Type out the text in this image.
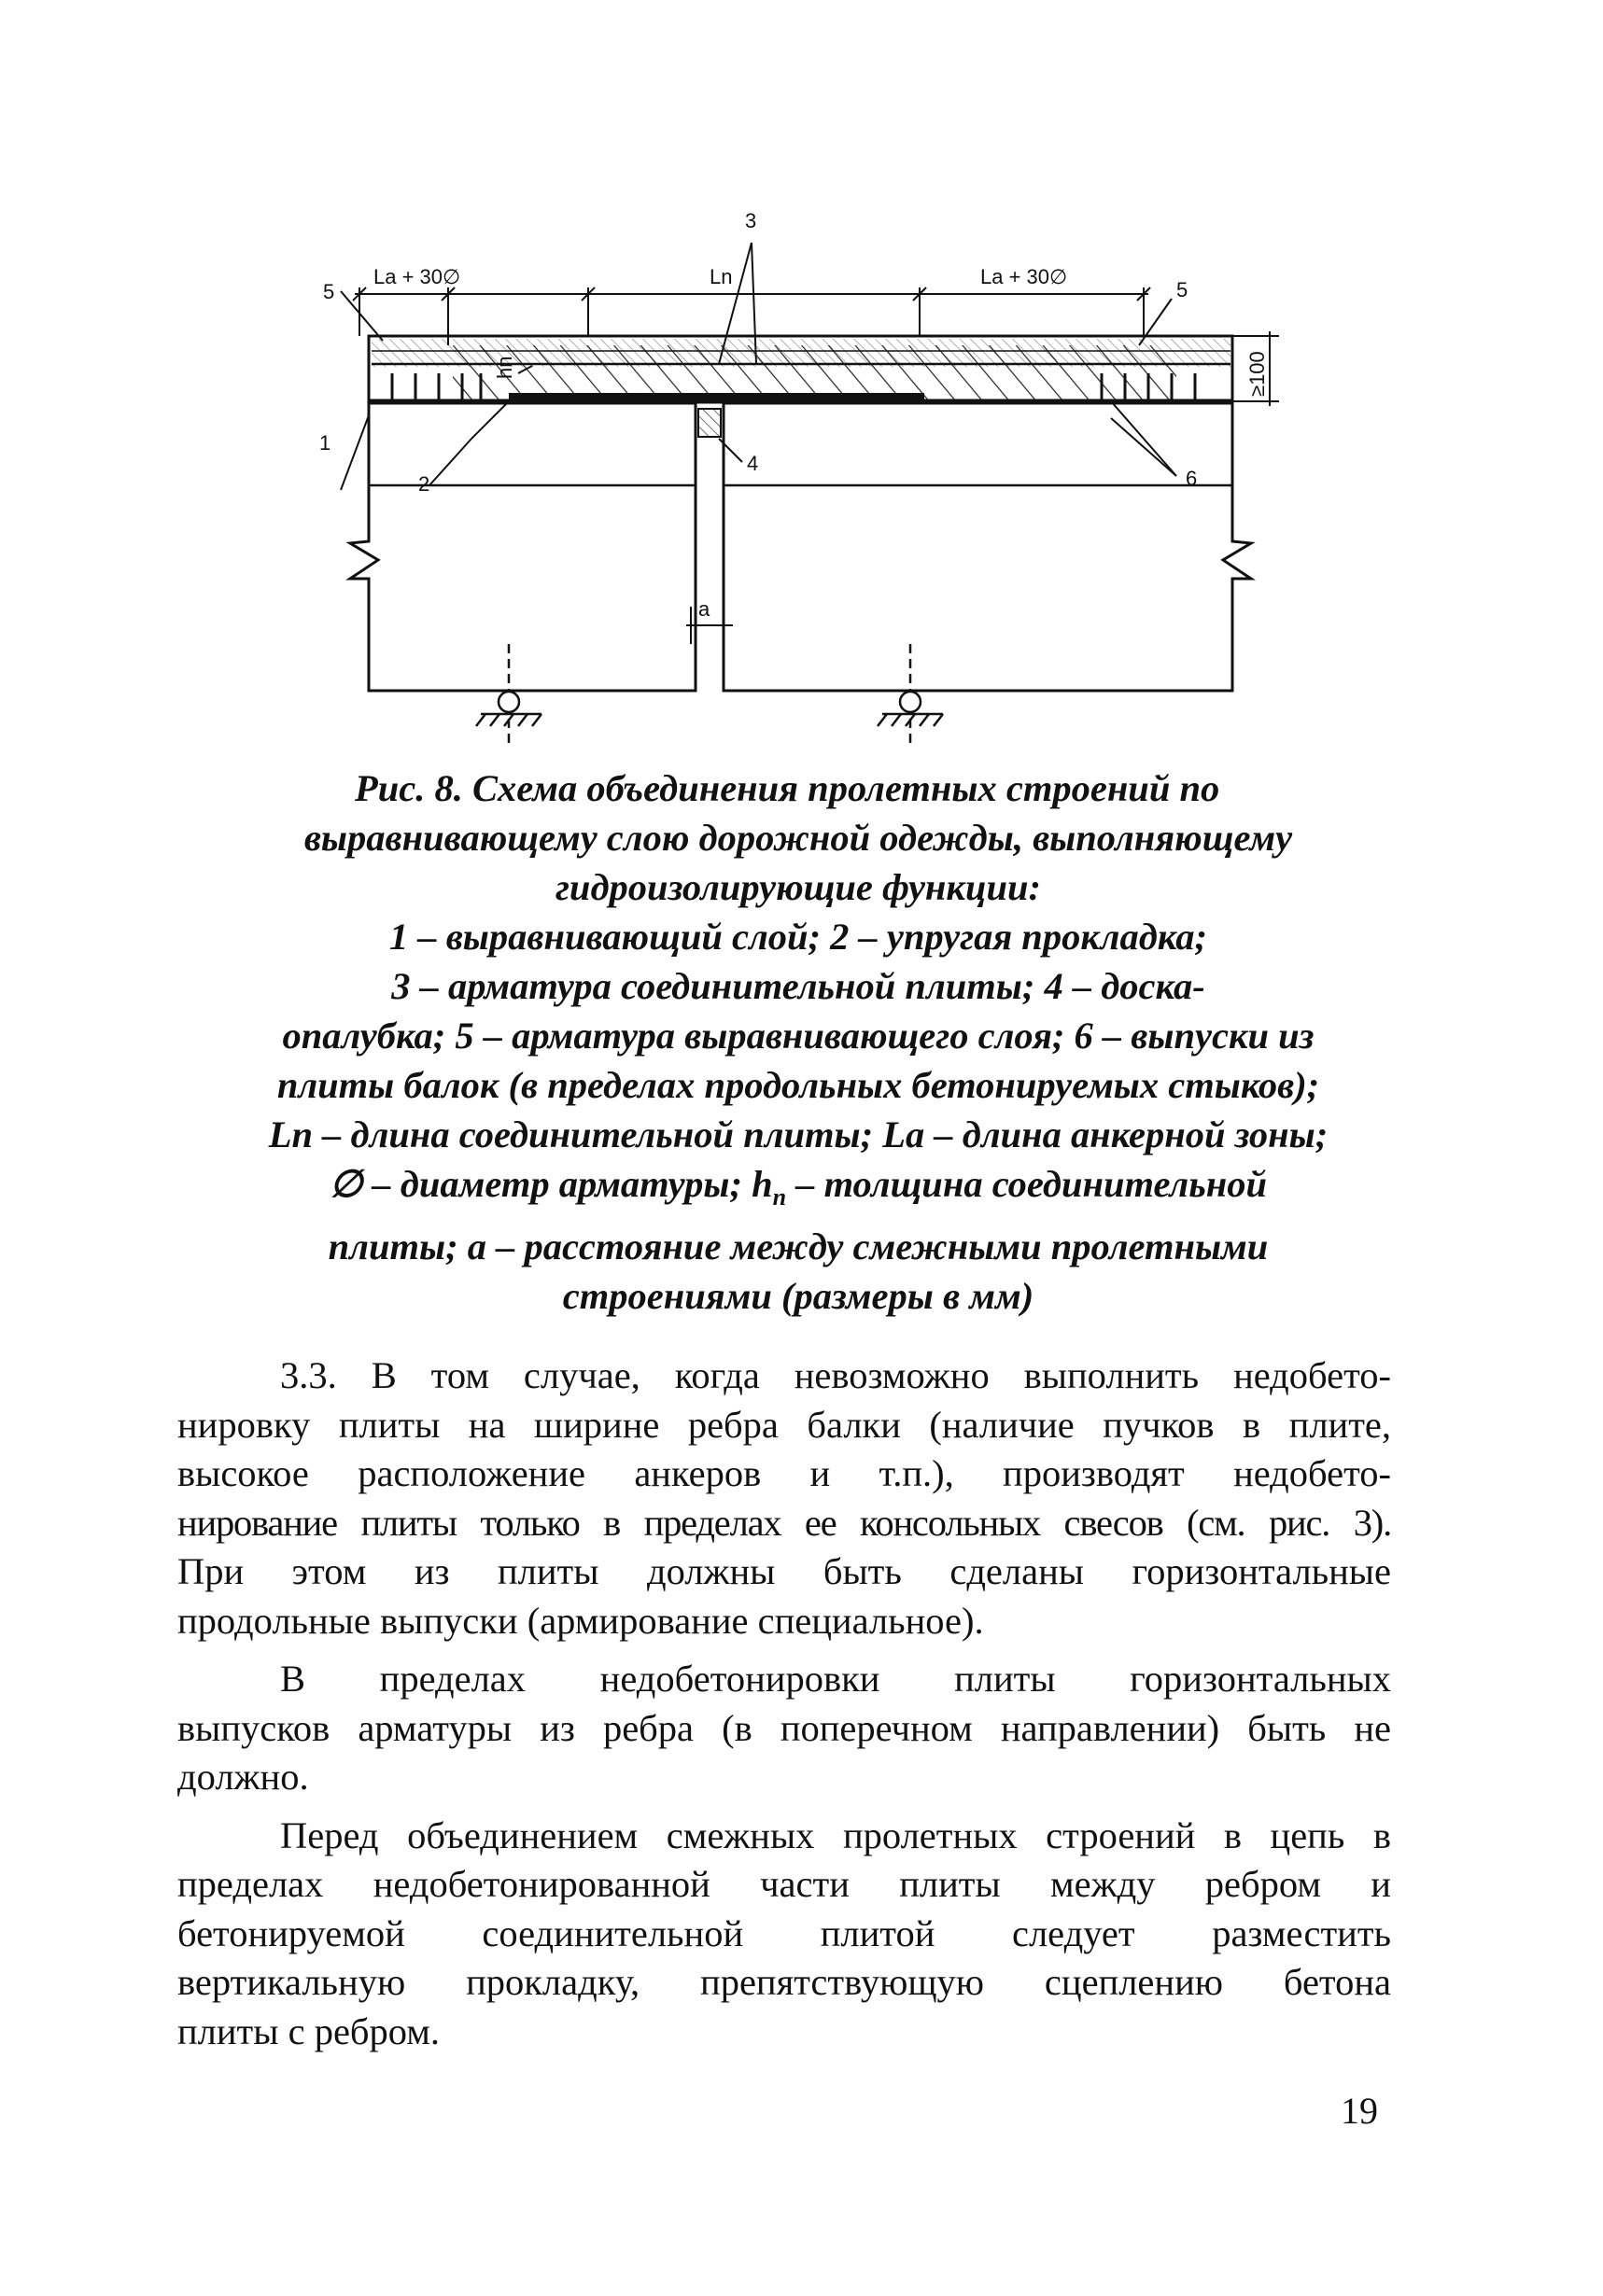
3
5	5
1
2
4
6
La + 30∅	Ln	La + 30∅
≥100
hn
a
Рис. 8. Схема объединения пролетных строений по
выравнивающему слою дорожной одежды, выполняющему
гидроизолирующие функции:
1 – выравнивающий слой; 2 – упругая прокладка;
3 – арматура соединительной плиты; 4 – доска-
опалубка; 5 – арматура выравнивающего слоя; 6 – выпуски из
плиты балок (в пределах продольных бетонируемых стыков);
Ln – длина соединительной плиты; La – длина анкерной зоны;
∅ – диаметр арматуры; $h_п$ – толщина соединительной
плиты; а – расстояние между смежными пролетными
строениями (размеры в мм)
3.3. В том случае, когда невозможно выполнить недобето-
нировку плиты на ширине ребра балки (наличие пучков в плите,
высокое расположение анкеров и т.п.), производят недобето-
нирование плиты только в пределах ее консольных свесов (см. рис. 3).
При этом из плиты должны быть сделаны горизонтальные
продольные выпуски (армирование специальное).
В пределах недобетонировки плиты горизонтальных
выпусков арматуры из ребра (в поперечном направлении) быть не
должно.
Перед объединением смежных пролетных строений в цепь в
пределах недобетонированной части плиты между ребром и
бетонируемой соединительной плитой следует разместить
вертикальную прокладку, препятствующую сцеплению бетона
плиты с ребром.
19
